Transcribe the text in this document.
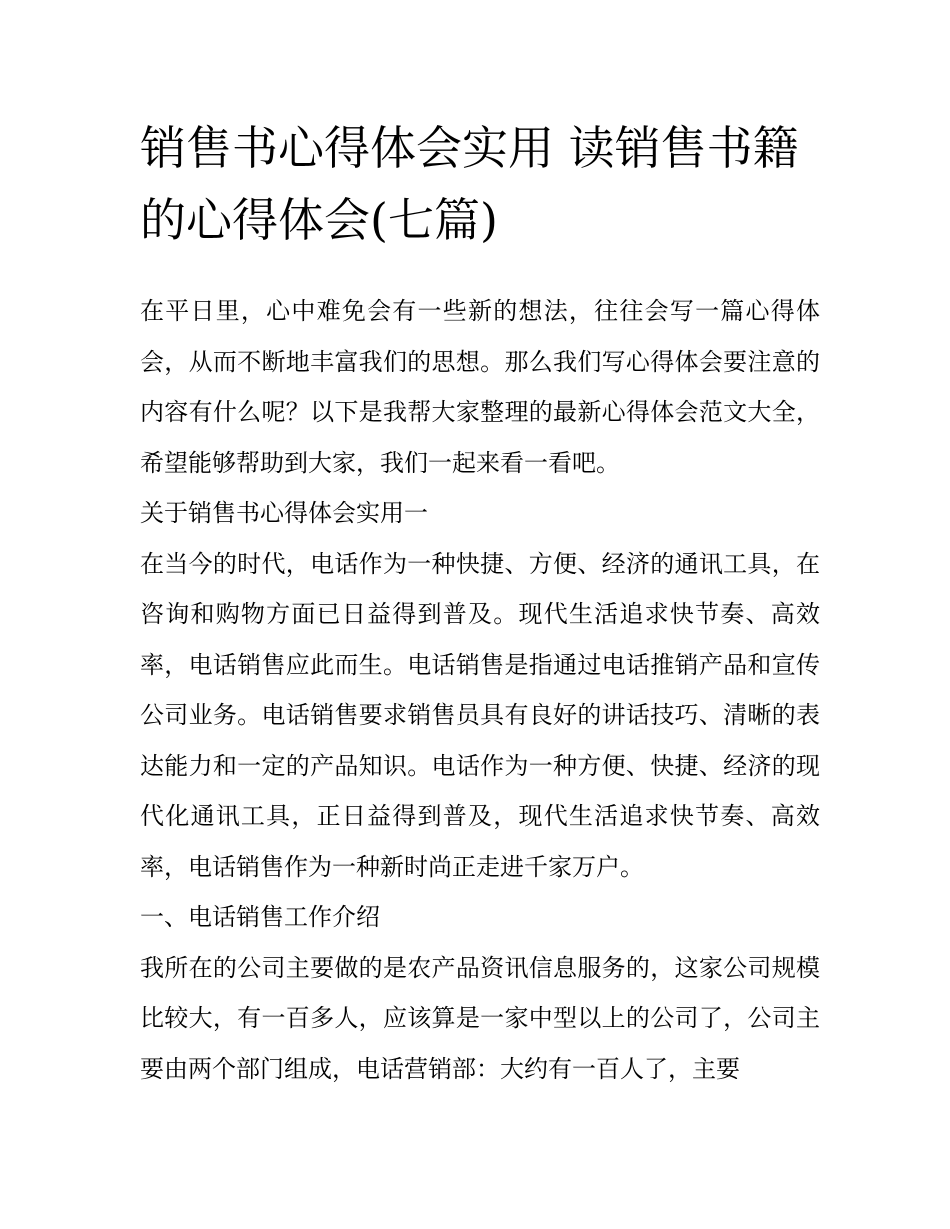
销售书心得体会实用 读销售书籍的心得体会(七篇)

在平日里，心中难免会有一些新的想法，往往会写一篇心得体会，从而不断地丰富我们的思想。那么我们写心得体会要注意的内容有什么呢？以下是我帮大家整理的最新心得体会范文大全，希望能够帮助到大家，我们一起来看一看吧。

关于销售书心得体会实用一

在当今的时代，电话作为一种快捷、方便、经济的通讯工具，在咨询和购物方面已日益得到普及。现代生活追求快节奏、高效率，电话销售应此而生。电话销售是指通过电话推销产品和宣传公司业务。电话销售要求销售员具有良好的讲话技巧、清晰的表达能力和一定的产品知识。电话作为一种方便、快捷、经济的现代化通讯工具，正日益得到普及，现代生活追求快节奏、高效率，电话销售作为一种新时尚正走进千家万户。

一、电话销售工作介绍

我所在的公司主要做的是农产品资讯信息服务的，这家公司规模比较大，有一百多人，应该算是一家中型以上的公司了，公司主要由两个部门组成，电话营销部：大约有一百人了，主要
